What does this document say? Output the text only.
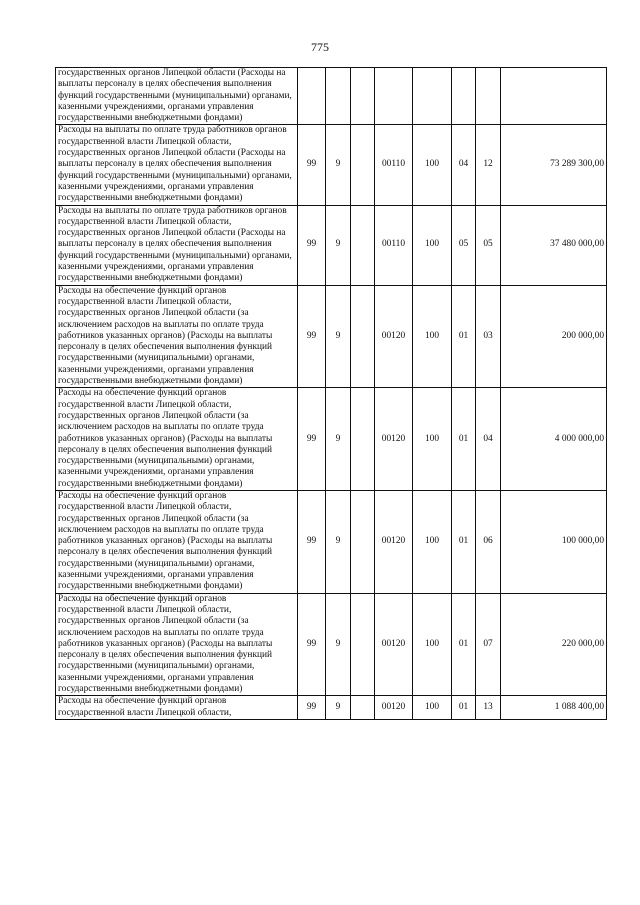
775
государственных органов Липецкой области (Расходы на выплаты персоналу в целях обеспечения выполнения функций государственными (муниципальными) органами, казенными учреждениями, органами управления государственными внебюджетными фондами)								
Расходы на выплаты по оплате труда работников органов государственной власти Липецкой области, государственных органов Липецкой области (Расходы на выплаты персоналу в целях обеспечения выполнения функций государственными (муниципальными) органами, казенными учреждениями, органами управления государственными внебюджетными фондами)	99	9		00110	100	04	12	73 289 300,00
Расходы на выплаты по оплате труда работников органов государственной власти Липецкой области, государственных органов Липецкой области (Расходы на выплаты персоналу в целях обеспечения выполнения функций государственными (муниципальными) органами, казенными учреждениями, органами управления государственными внебюджетными фондами)	99	9		00110	100	05	05	37 480 000,00
Расходы на обеспечение функций органов государственной власти Липецкой области, государственных органов Липецкой области (за исключением расходов на выплаты по оплате труда работников указанных органов) (Расходы на выплаты персоналу в целях обеспечения выполнения функций государственными (муниципальными) органами, казенными учреждениями, органами управления государственными внебюджетными фондами)	99	9		00120	100	01	03	200 000,00
Расходы на обеспечение функций органов государственной власти Липецкой области, государственных органов Липецкой области (за исключением расходов на выплаты по оплате труда работников указанных органов) (Расходы на выплаты персоналу в целях обеспечения выполнения функций государственными (муниципальными) органами, казенными учреждениями, органами управления государственными внебюджетными фондами)	99	9		00120	100	01	04	4 000 000,00
Расходы на обеспечение функций органов государственной власти Липецкой области, государственных органов Липецкой области (за исключением расходов на выплаты по оплате труда работников указанных органов) (Расходы на выплаты персоналу в целях обеспечения выполнения функций государственными (муниципальными) органами, казенными учреждениями, органами управления государственными внебюджетными фондами)	99	9		00120	100	01	06	100 000,00
Расходы на обеспечение функций органов государственной власти Липецкой области, государственных органов Липецкой области (за исключением расходов на выплаты по оплате труда работников указанных органов) (Расходы на выплаты персоналу в целях обеспечения выполнения функций государственными (муниципальными) органами, казенными учреждениями, органами управления государственными внебюджетными фондами)	99	9		00120	100	01	07	220 000,00
Расходы на обеспечение функций органов государственной власти Липецкой области,	99	9		00120	100	01	13	1 088 400,00
